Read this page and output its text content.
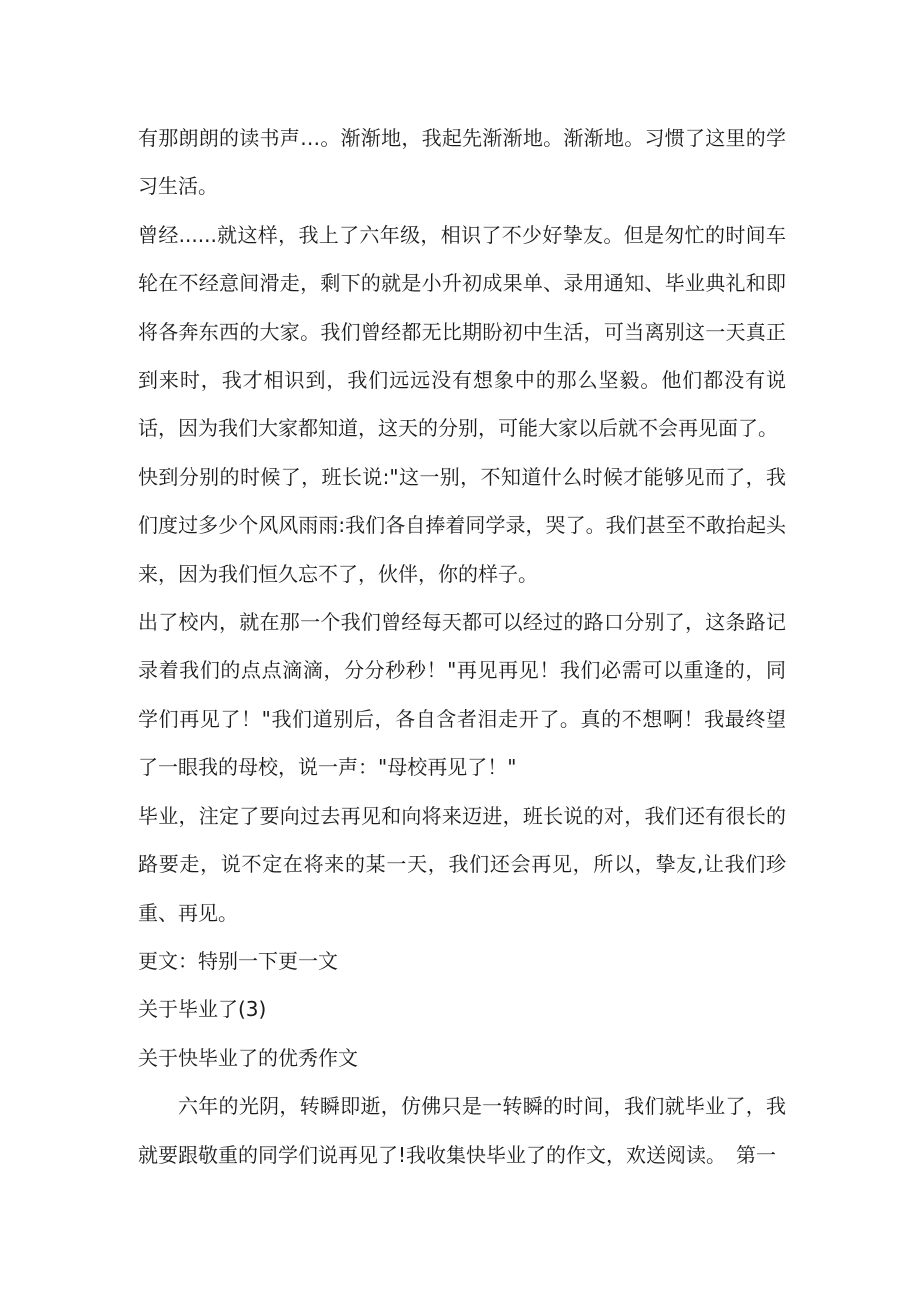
有那朗朗的读书声…。渐渐地，我起先渐渐地。渐渐地。习惯了这里的学习生活。

曾经......就这样，我上了六年级，相识了不少好挚友。但是匆忙的时间车轮在不经意间滑走，剩下的就是小升初成果单、录用通知、毕业典礼和即将各奔东西的大家。我们曾经都无比期盼初中生活，可当离别这一天真正到来时，我才相识到，我们远远没有想象中的那么坚毅。他们都没有说话，因为我们大家都知道，这天的分别，可能大家以后就不会再见面了。

快到分别的时候了，班长说:"这一别，不知道什么时候才能够见而了，我们度过多少个风风雨雨:我们各自捧着同学录，哭了。我们甚至不敢抬起头来，因为我们恒久忘不了，伙伴，你的样子。

出了校内，就在那一个我们曾经每天都可以经过的路口分别了，这条路记录着我们的点点滴滴，分分秒秒！"再见再见！我们必需可以重逢的，同学们再见了！"我们道别后，各自含者泪走开了。真的不想啊！我最终望了一眼我的母校，说一声："母校再见了！"

毕业，注定了要向过去再见和向将来迈进，班长说的对，我们还有很长的路要走，说不定在将来的某一天，我们还会再见，所以，挚友,让我们珍重、再见。

更文：特别一下更一文

关于毕业了(3)

关于快毕业了的优秀作文

六年的光阴，转瞬即逝，仿佛只是一转瞬的时间，我们就毕业了，我就要跟敬重的同学们说再见了!我收集快毕业了的作文，欢送阅读。　第一
